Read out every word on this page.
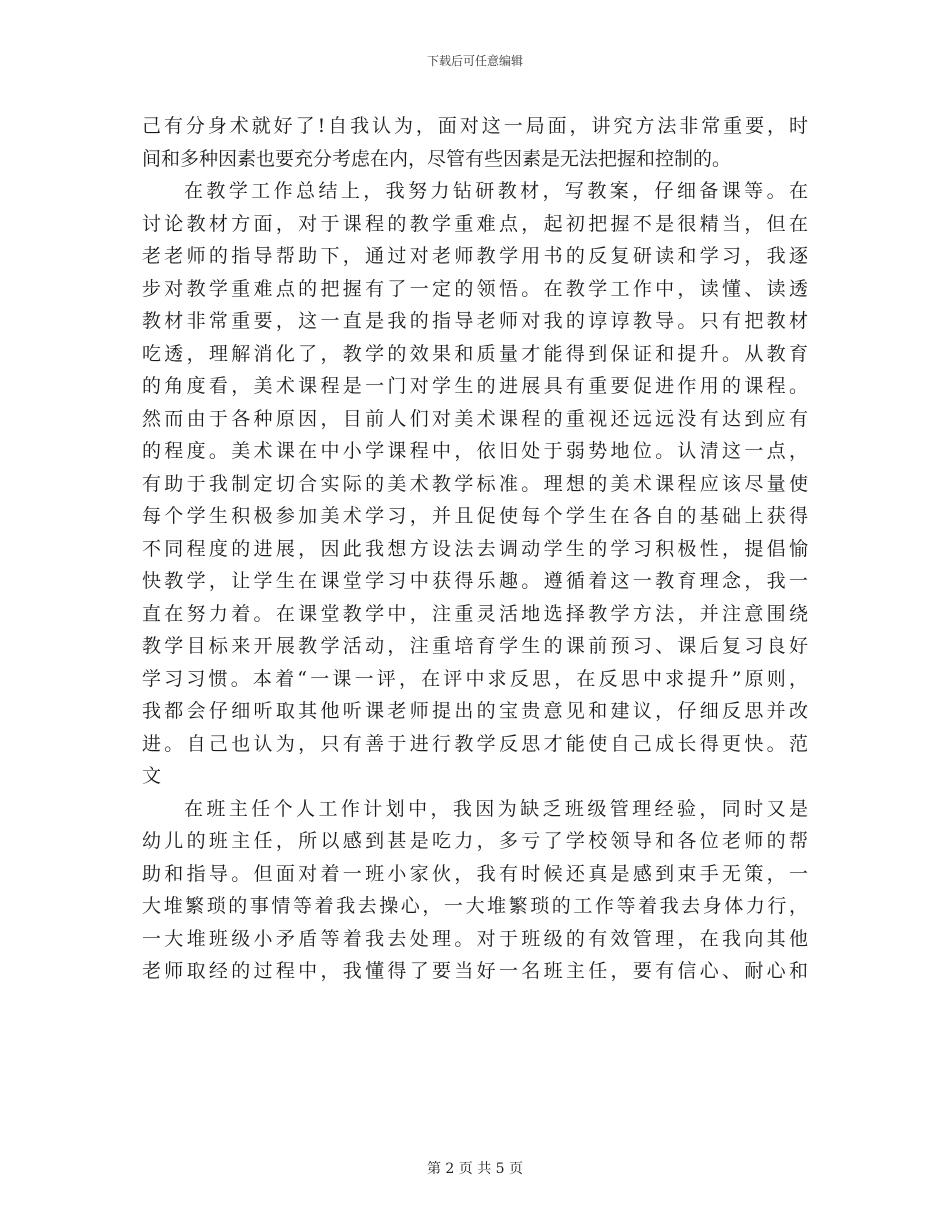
下载后可任意编辑
己有分身术就好了!自我认为，面对这一局面，讲究方法非常重要，时
间和多种因素也要充分考虑在内，尽管有些因素是无法把握和控制的。
在教学工作总结上，我努力钻研教材，写教案，仔细备课等。在
讨论教材方面，对于课程的教学重难点，起初把握不是很精当，但在
老老师的指导帮助下，通过对老师教学用书的反复研读和学习，我逐
步对教学重难点的把握有了一定的领悟。在教学工作中，读懂、读透
教材非常重要，这一直是我的指导老师对我的谆谆教导。只有把教材
吃透，理解消化了，教学的效果和质量才能得到保证和提升。从教育
的角度看，美术课程是一门对学生的进展具有重要促进作用的课程。
然而由于各种原因，目前人们对美术课程的重视还远远没有达到应有
的程度。美术课在中小学课程中，依旧处于弱势地位。认清这一点，
有助于我制定切合实际的美术教学标准。理想的美术课程应该尽量使
每个学生积极参加美术学习，并且促使每个学生在各自的基础上获得
不同程度的进展，因此我想方设法去调动学生的学习积极性，提倡愉
快教学，让学生在课堂学习中获得乐趣。遵循着这一教育理念，我一
直在努力着。在课堂教学中，注重灵活地选择教学方法，并注意围绕
教学目标来开展教学活动，注重培育学生的课前预习、课后复习良好
学习习惯。本着“一课一评，在评中求反思，在反思中求提升”原则，
我都会仔细听取其他听课老师提出的宝贵意见和建议，仔细反思并改
进。自己也认为，只有善于进行教学反思才能使自己成长得更快。范
文
在班主任个人工作计划中，我因为缺乏班级管理经验，同时又是
幼儿的班主任，所以感到甚是吃力，多亏了学校领导和各位老师的帮
助和指导。但面对着一班小家伙，我有时候还真是感到束手无策，一
大堆繁琐的事情等着我去操心，一大堆繁琐的工作等着我去身体力行，
一大堆班级小矛盾等着我去处理。对于班级的有效管理，在我向其他
老师取经的过程中，我懂得了要当好一名班主任，要有信心、耐心和
第 2 页 共 5 页
